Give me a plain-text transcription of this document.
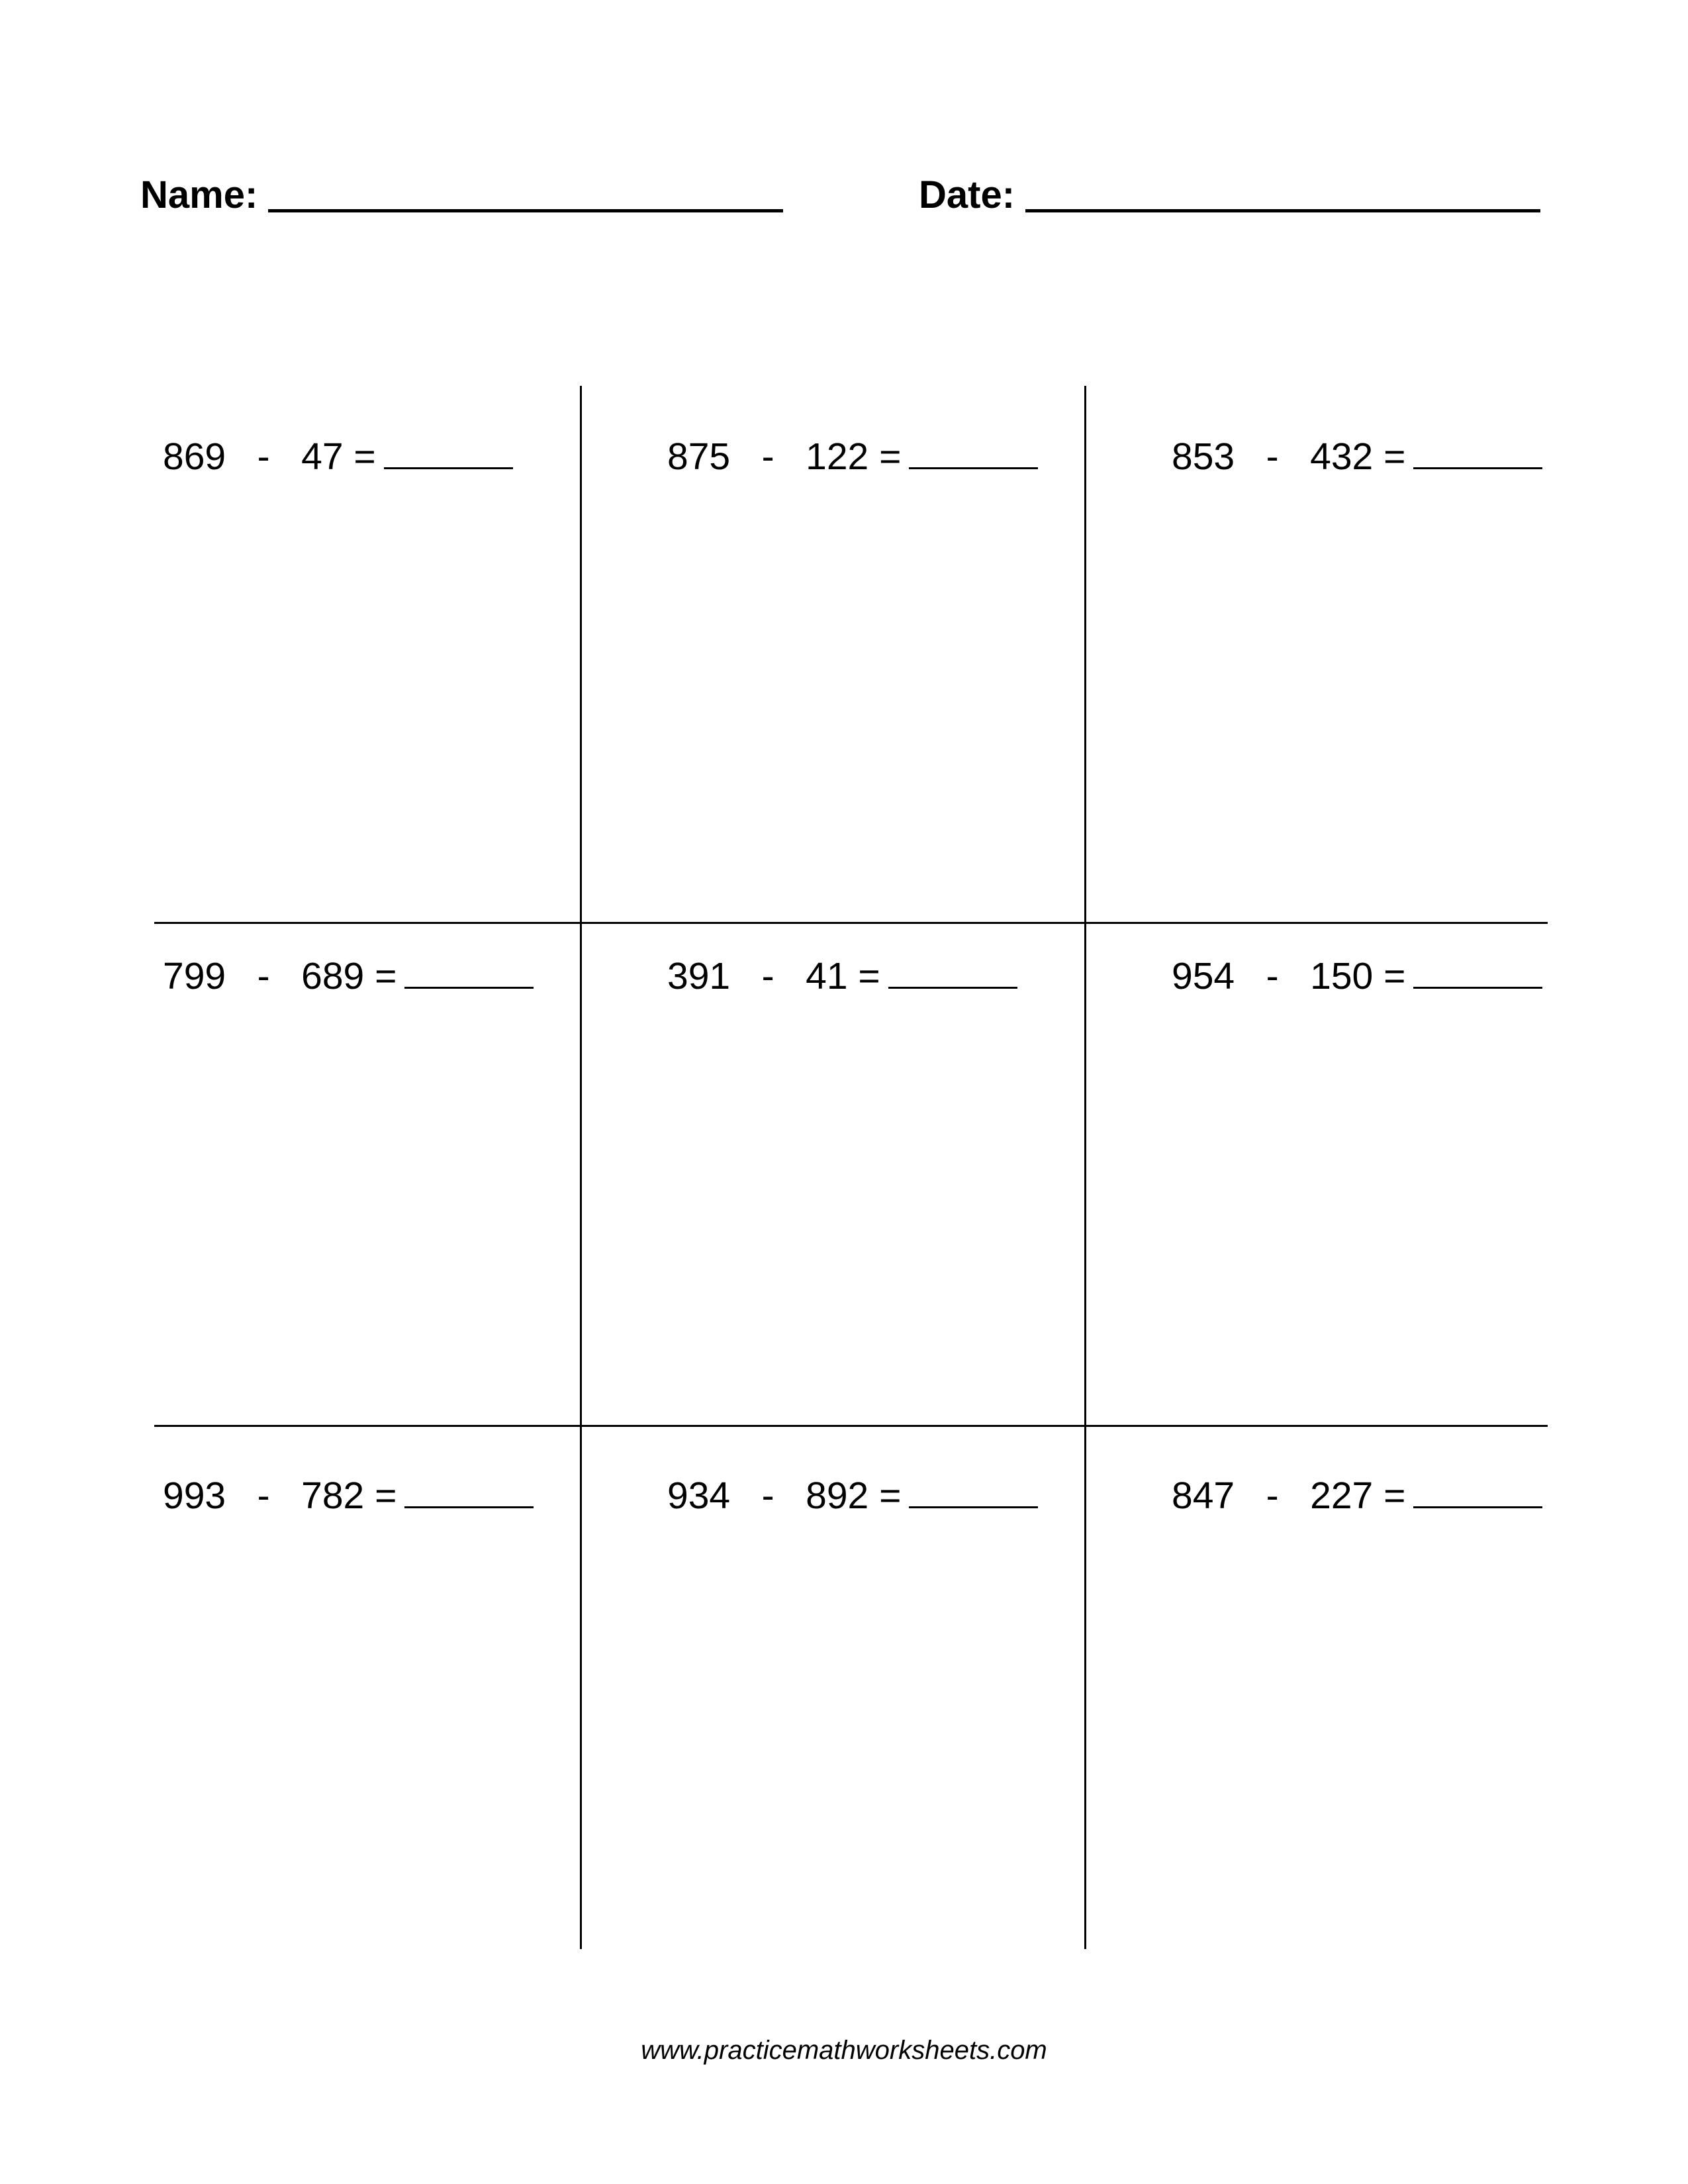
Name:	Date:
869 - 47 =	875 - 122 =	853 - 432 =
799 - 689 =	391 - 41 =	954 - 150 =
993 - 782 =	934 - 892 =	847 - 227 =
www.practicemathworksheets.com
